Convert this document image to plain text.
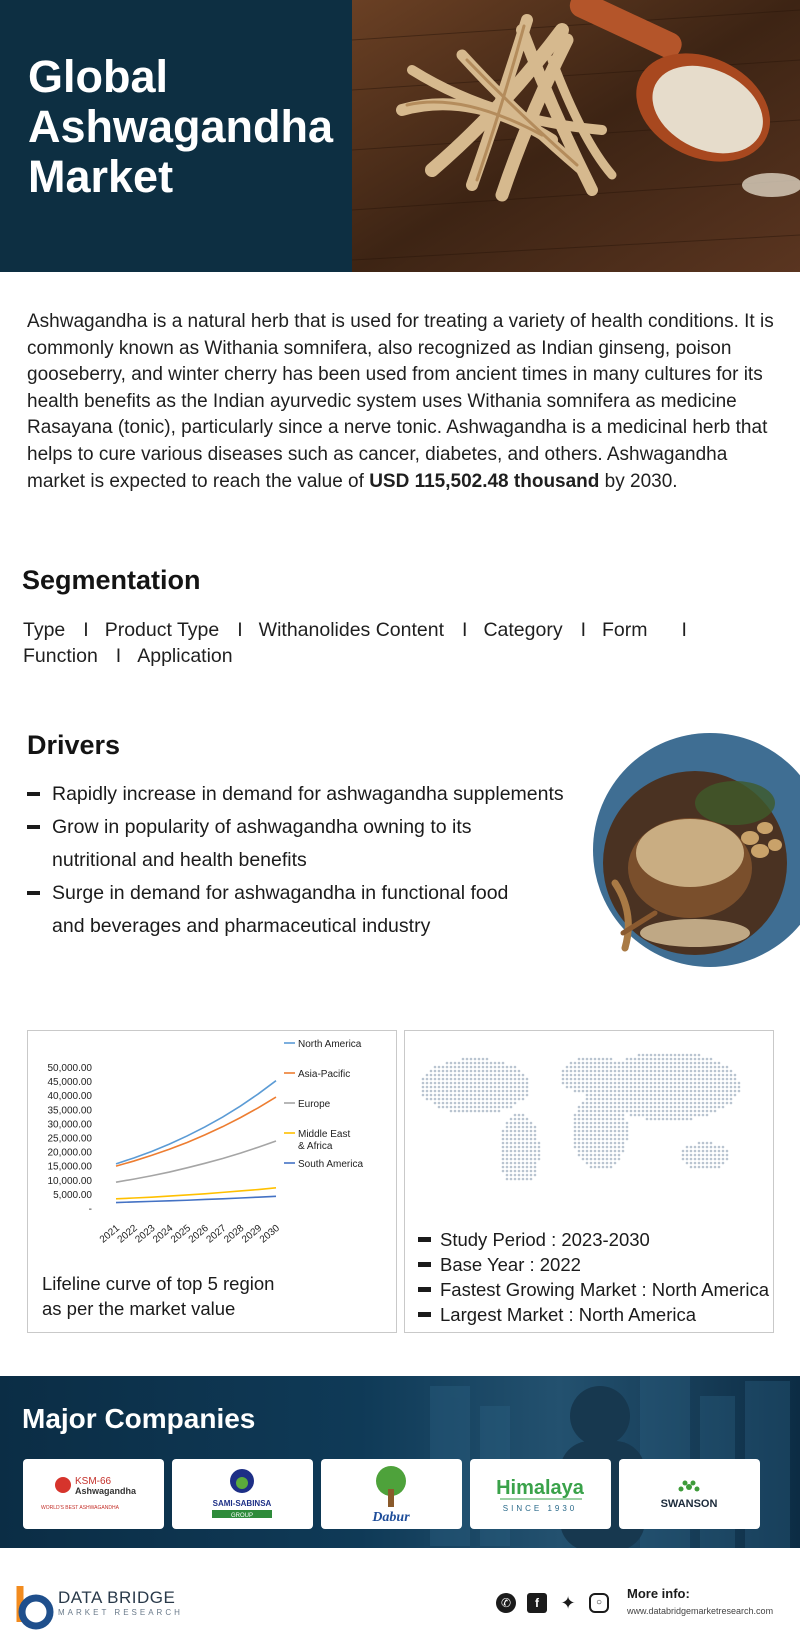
Global
Ashwagandha
Market

Ashwagandha is a natural herb that is used for treating a variety of health conditions. It is commonly known as Withania somnifera, also recognized as Indian ginseng, poison gooseberry, and winter cherry has been used from ancient times in many cultures for its health benefits as the Indian ayurvedic system uses Withania somnifera as medicine Rasayana (tonic), particularly since a nerve tonic. Ashwagandha is a medicinal herb that helps to cure various diseases such as cancer, diabetes, and others. Ashwagandha market is expected to reach the value of USD 115,502.48 thousand by 2030.

Segmentation
Type I Product Type I Withanolides Content I Category I Form I
Function I Application
Drivers
Rapidly increase in demand for ashwagandha supplements
Grow in popularity of ashwagandha owning to its
nutritional and health benefits
Surge in demand for ashwagandha in functional food
and beverages and pharmaceutical industry
50,000.00
45,000.00
40,000.00
35,000.00
30,000.00
25,000.00
20,000.00
15,000.00
10,000.00
5,000.00
-
2021
2022
2023
2024
2025
2026
2027
2028
2029
2030
North America
Asia-Pacific
Europe
Middle East
& Africa
South America
Lifeline curve of top 5 region
as per the market value
Study Period : 2023-2030
Base Year : 2022
Fastest Growing Market : North America
Largest Market : North America
Major Companies
KSM-66
Ashwagandha
WORLD'S BEST ASHWAGANDHA	SAMI-SABINSA
GROUP	Dabur
Himalaya
SINCE 1930	SWANSON
DATA BRIDGE
MARKET RESEARCH
✆	f	✦	○
More info:
www.databridgemarketresearch.com
